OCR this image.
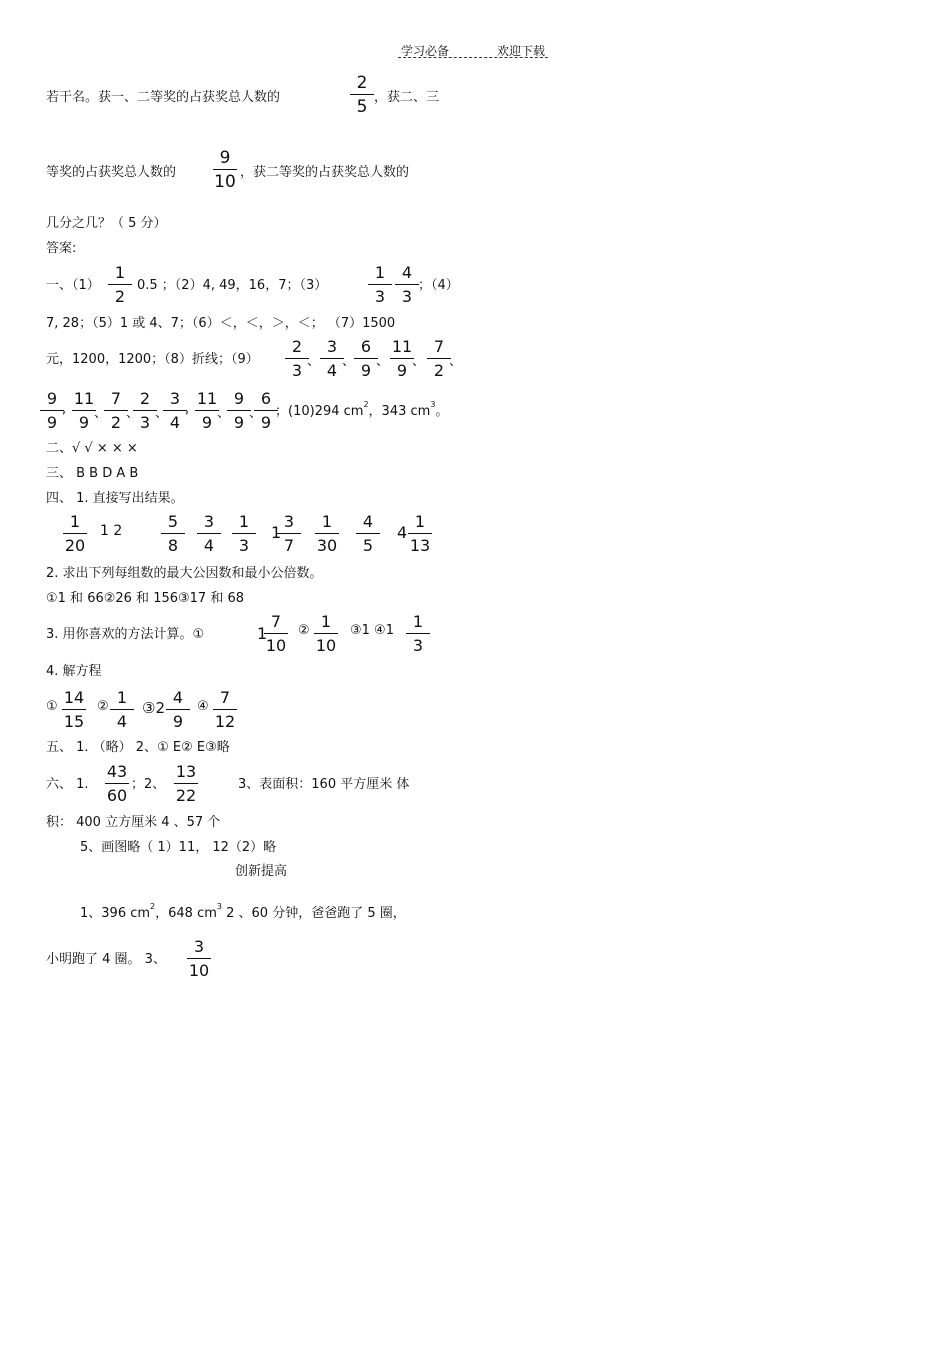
学习必备	欢迎下载
若干名。获一、二等奖的占获奖总人数的
2
5 ，获二、三
等奖的占获奖总人数的
9
10 ，获二等奖的占获奖总人数的
几分之几？（ 5 分）
答案:
一、（1）
1
2
0.5 ；（2）4, 49，16，7；（3）
1
3
4
3
；（4）
7, 28；（5）1 或 4、7；（6）＜，＜，＞，＜； （7）1500
元，1200，1200；（8）折线；（9）
2
3 、
3
4 、
6
9 、
11
9 、
7
2 、
9
9
,
11
9 、
7
2 、
2
3 、
3
4
,
11
9 、
9
9 、
6
9
；(10)294 $cm^2$，343 $cm^3$。
二、√ √ × × ×
三、 B B D A B
四、 1. 直接写出结果。
1
20
5
8
3
4
1
3
3
7
1
30
4
5
1
13
1 2	1	4
2. 求出下列每组数的最大公因数和最小公倍数。
①1 和 66②26 和 156③17 和 68
3. 用你喜欢的方法计算。①	1 ②	③1 ④1
7
10
1
10
1
3
4. 解方程
①	② ③2 ④
14
15
1
4
4
9
7
12
五、 1. （略） 2、① E② E③略
六、 1.	；2、	3、表面积：160 平方厘米 体
43
60
13
22
积： 400 立方厘米 4 、57 个
5、画图略（ 1）11， 12（2）略
创新提高
1、396 $cm^2$，648 $cm^3$ 2 、60 分钟，爸爸跑了 5 圈，
小明跑了 4 圈。 3、
3
10
